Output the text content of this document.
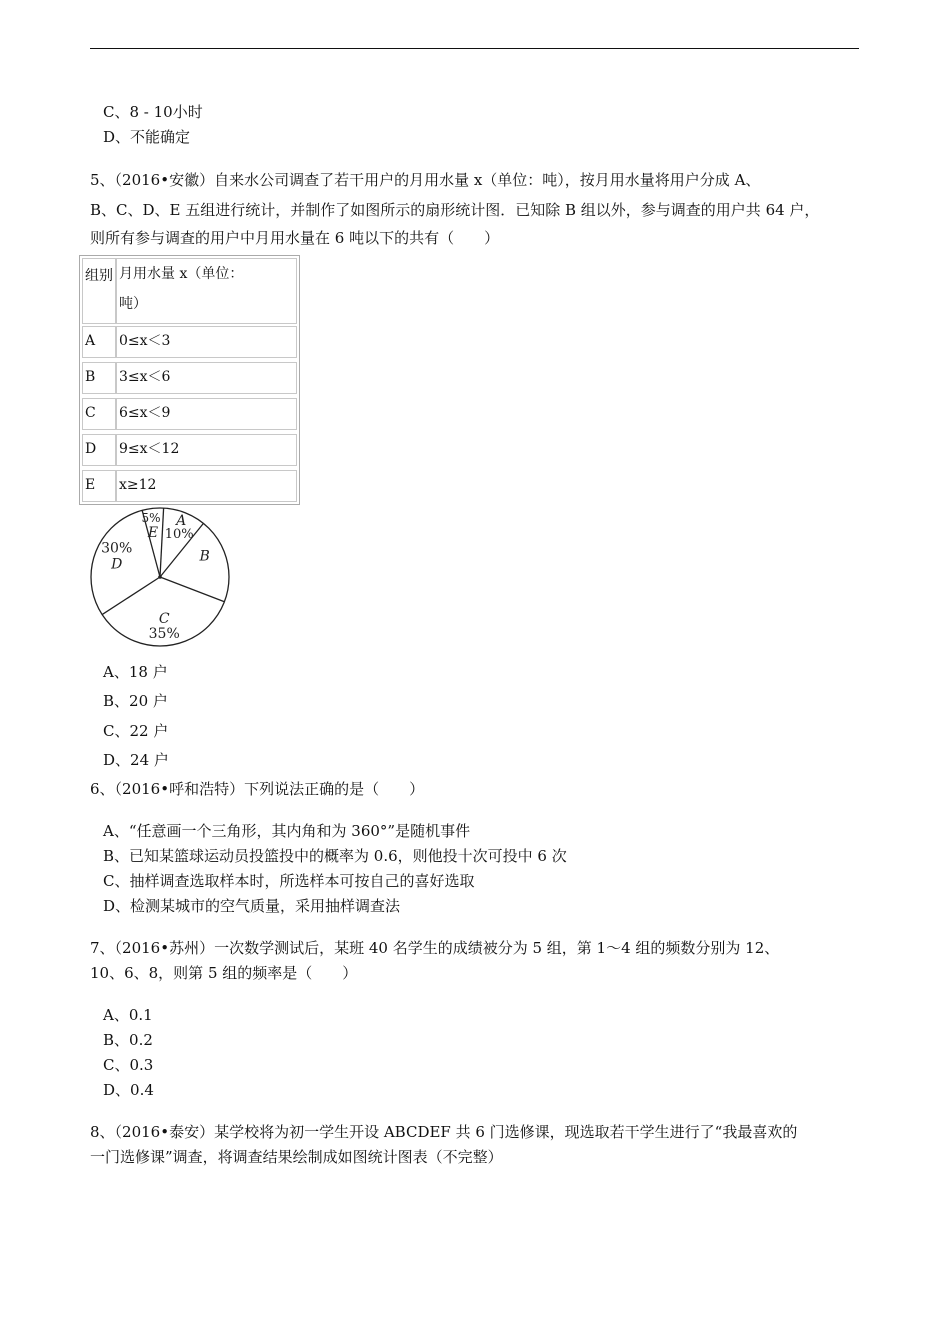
C、8 - 10小时
D、不能确定
5、（2016•安徽）自来水公司调查了若干用户的月用水量 x（单位：吨），按月用水量将用户分成 A、
B、C、D、E 五组进行统计，并制作了如图所示的扇形统计图．已知除 B 组以外，参与调查的用户共 64 户，
则所有参与调查的用户中月用水量在 6 吨以下的共有（　　）
组别 月用水量 x（单位：
吨）
A	0≤x＜3
B	3≤x＜6
C	6≤x＜9
D	9≤x＜12
E	x≥12
E
5% A
10%
B
C
35%
D
30%
A、18 户
B、20 户
C、22 户
D、24 户
6、（2016•呼和浩特）下列说法正确的是（　　）
A、“任意画一个三角形，其内角和为 360°”是随机事件
B、已知某篮球运动员投篮投中的概率为 0.6，则他投十次可投中 6 次
C、抽样调查选取样本时，所选样本可按自己的喜好选取
D、检测某城市的空气质量，采用抽样调查法
7、（2016•苏州）一次数学测试后，某班 40 名学生的成绩被分为 5 组，第 1～4 组的频数分别为 12、
10、6、8，则第 5 组的频率是（　　）
A、0.1
B、0.2
C、0.3
D、0.4
8、（2016•泰安）某学校将为初一学生开设 ABCDEF 共 6 门选修课，现选取若干学生进行了“我最喜欢的
一门选修课”调查，将调查结果绘制成如图统计图表（不完整）
